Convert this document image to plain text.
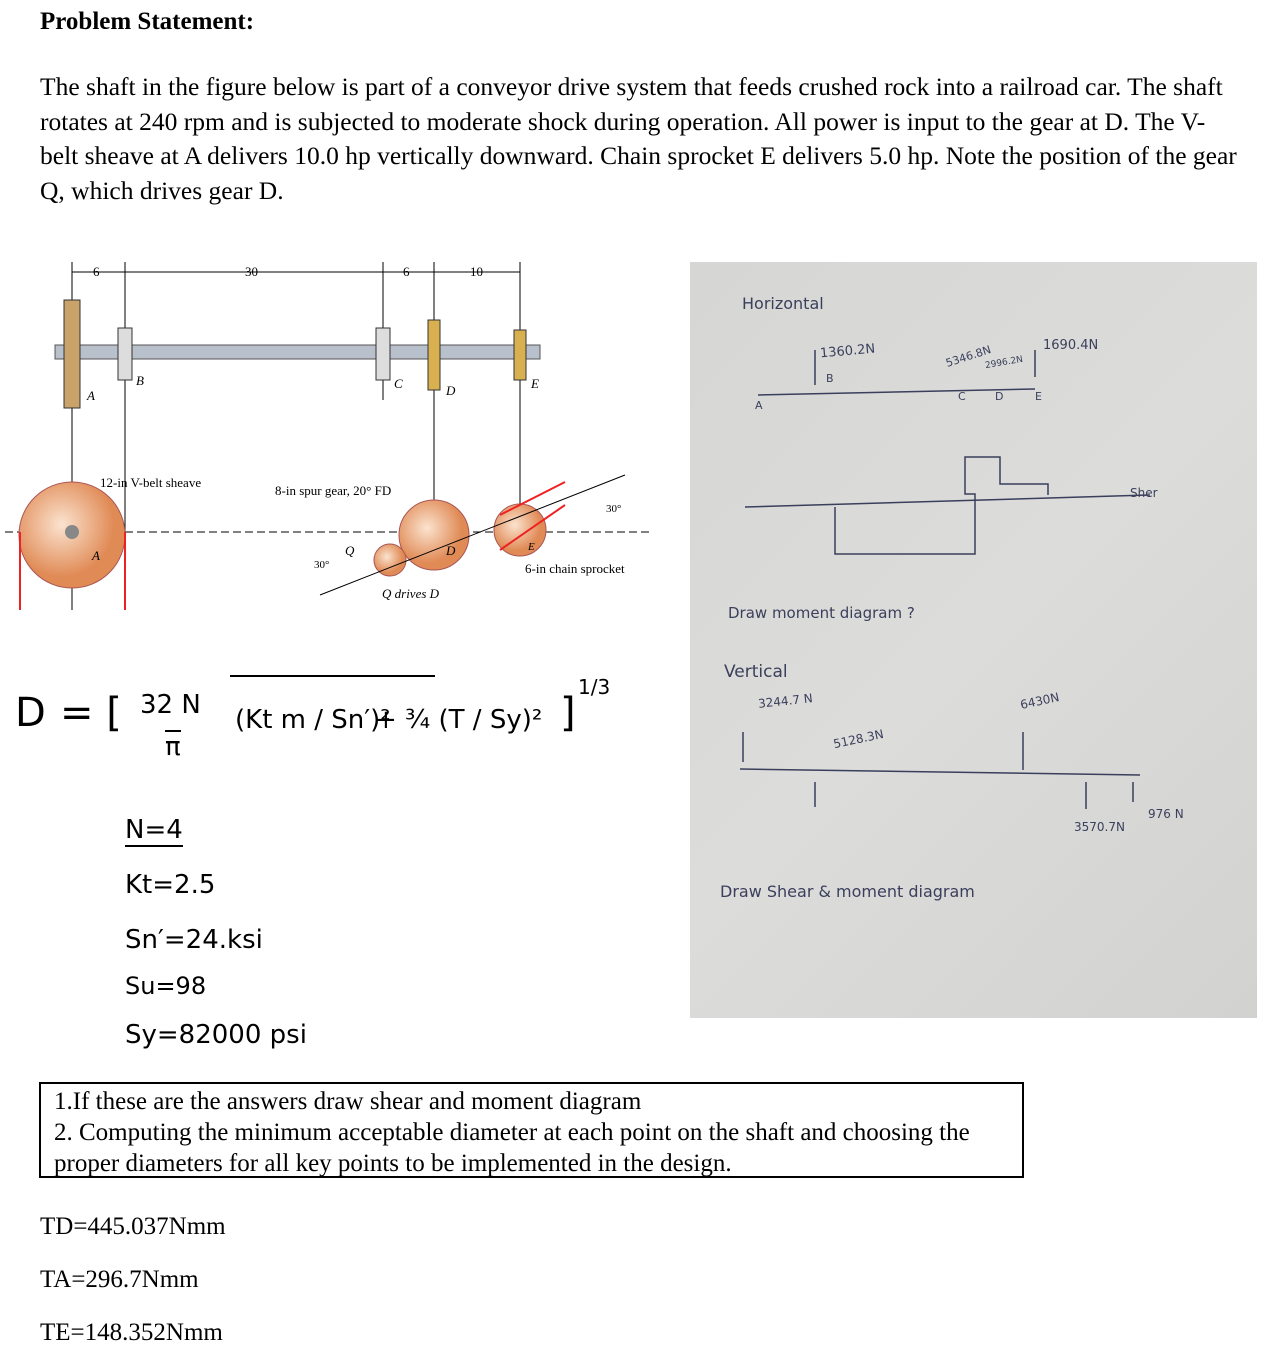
Problem Statement:
The shaft in the figure below is part of a conveyor drive system that feeds crushed rock into a railroad car. The shaft rotates at 240 rpm and is subjected to moderate shock during operation. All power is input to the gear at D. The V-belt sheave at A delivers 10.0 hp vertically downward. Chain sprocket E delivers 5.0 hp. Note the position of the gear Q, which drives gear D.
6	30	6	10
A
B	C	D	E
12-in V-belt sheave
A
8-in spur gear, 20° FD
30°
30°
Q	D	E
6-in chain sprocket
Q drives D
Horizontal
1360.2N	5346.8N
2996.2N
1690.4N
A
B
C	D	E
Sher
Draw moment diagram ?
Vertical
3244.7 N
5128.3N
6430N
3570.7N
976 N
Draw Shear & moment diagram
D = [ 32 N
π
(Kt m / Sn′)²
+ ¾ (T / Sy)² ]
1/3
N=4
Kt=2.5
Sn′=24.ksi
Su=98
Sy=82000 psi
1.If these are the answers draw shear and moment diagram
2. Computing the minimum acceptable diameter at each point on the shaft and choosing the proper diameters for all key points to be implemented in the design.
TD=445.037Nmm
TA=296.7Nmm
TE=148.352Nmm
